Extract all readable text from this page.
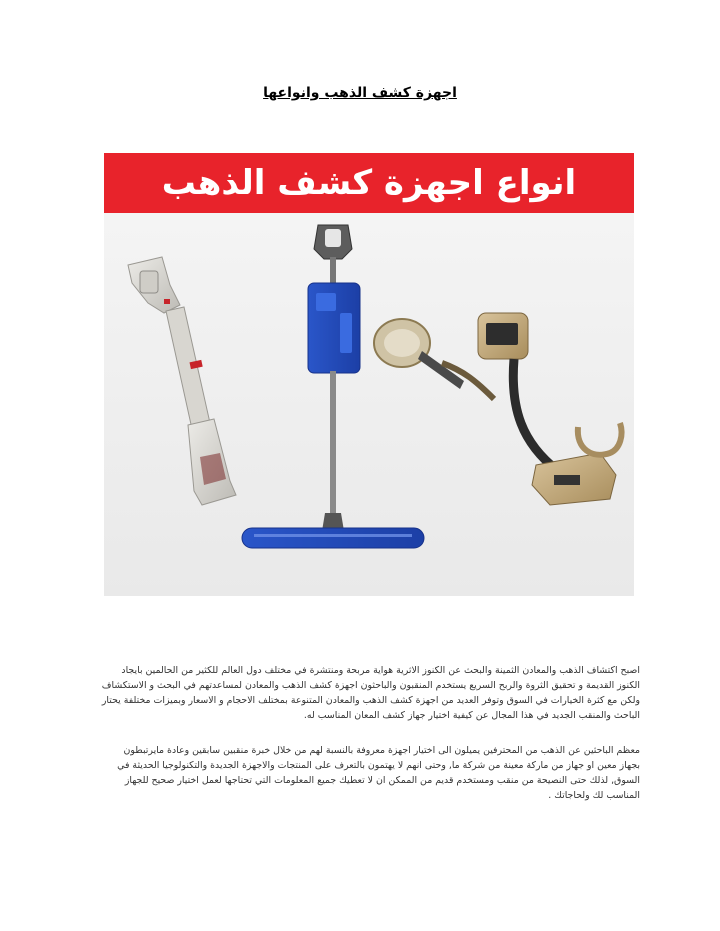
اجهزة كشف الذهب وانواعها
انواع اجهزة كشف الذهب
اصبح اكتشاف الذهب والمعادن الثمينة والبحث عن الكنوز الاثرية هواية مربحة ومنتشرة في مختلف دول العالم للكثير من الحالمين بايجاد
الكنوز القديمة و تحقيق الثروة والربح السريع يستخدم المنقبون والباحثون اجهزة كشف الذهب والمعادن لمساعدتهم في البحث و الاستكشاف
ولكن مع كثرة الخيارات في السوق وتوفر العديد من اجهزة كشف الذهب والمعادن المتنوعة بمختلف الاحجام و الاسعار وبميزات مختلفة يحتار
الباحث والمنقب الجديد في هذا المجال عن كيفية اختيار جهاز كشف المعان المناسب له.
معظم الباحثين عن الذهب من المحترفين يميلون الى اختيار اجهزة معروفة بالنسبة لهم من خلال خبرة منقبين سابقين وعادة مايرتبطون
بجهاز معين او جهاز من ماركة معينة من شركة ما, وحتى انهم لا يهتمون بالتعرف على المنتجات والاجهزة الجديدة والتكنولوجيا الحديثة في
السوق, لذلك حتى النصيحة من منقب ومستخدم قديم من الممكن ان لا تعطيك جميع المعلومات التي تحتاجها لعمل اختيار صحيح للجهاز
المناسب لك ولحاجاتك .
